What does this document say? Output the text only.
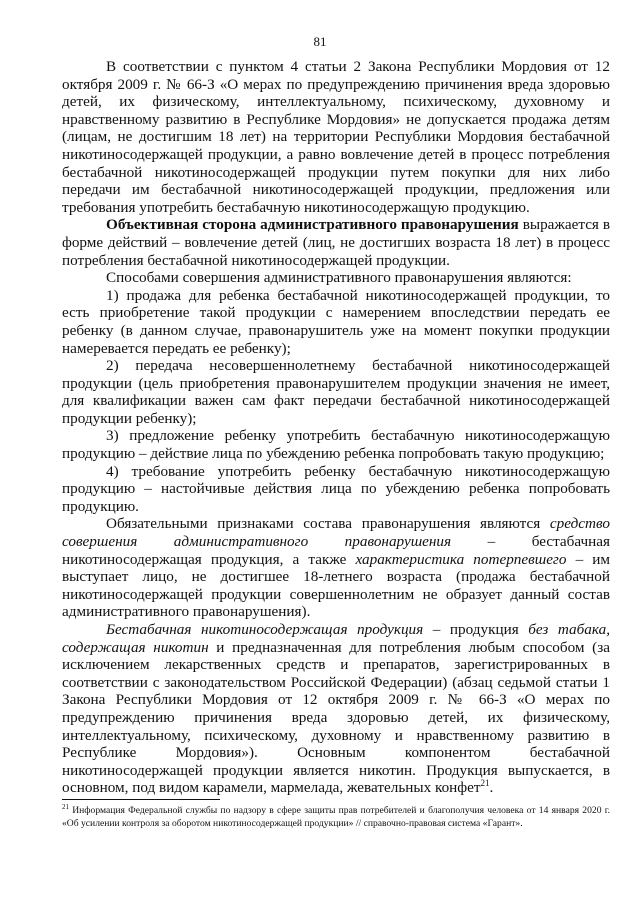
81

В соответствии с пунктом 4 статьи 2 Закона Республики Мордовия от 12 октября 2009 г. № 66-З «О мерах по предупреждению причинения вреда здоровью детей, их физическому, интеллектуальному, психическому, духовному и нравственному развитию в Республике Мордовия» не допускается продажа детям (лицам, не достигшим 18 лет) на территории Республики Мордовия бестабачной никотиносодержащей продукции, а равно вовлечение детей в процесс потребления бестабачной никотиносодержащей продукции путем покупки для них либо передачи им бестабачной никотиносодержащей продукции, предложения или требования употребить бестабачную никотиносодержащую продукцию.

Объективная сторона административного правонарушения выражается в форме действий – вовлечение детей (лиц, не достигших возраста 18 лет) в процесс потребления бестабачной никотиносодержащей продукции.

Способами совершения административного правонарушения являются:

1) продажа для ребенка бестабачной никотиносодержащей продукции, то есть приобретение такой продукции с намерением впоследствии передать ее ребенку (в данном случае, правонарушитель уже на момент покупки продукции намеревается передать ее ребенку);

2) передача несовершеннолетнему бестабачной никотиносодержащей продукции (цель приобретения правонарушителем продукции значения не имеет, для квалификации важен сам факт передачи бестабачной никотиносодержащей продукции ребенку);

3) предложение ребенку употребить бестабачную никотиносодержащую продукцию – действие лица по убеждению ребенка попробовать такую продукцию;

4) требование употребить ребенку бестабачную никотиносодержащую продукцию – настойчивые действия лица по убеждению ребенка попробовать продукцию.

Обязательными признаками состава правонарушения являются средство совершения административного правонарушения – бестабачная никотиносодержащая продукция, а также характеристика потерпевшего – им выступает лицо, не достигшее 18-летнего возраста (продажа бестабачной никотиносодержащей продукции совершеннолетним не образует данный состав административного правонарушения).

Бестабачная никотиносодержащая продукция – продукция без табака, содержащая никотин и предназначенная для потребления любым способом (за исключением лекарственных средств и препаратов, зарегистрированных в соответствии с законодательством Российской Федерации) (абзац седьмой статьи 1 Закона Республики Мордовия от 12 октября 2009 г. № 66-З «О мерах по предупреждению причинения вреда здоровью детей, их физическому, интеллектуальному, психическому, духовному и нравственному развитию в Республике Мордовия»). Основным компонентом бестабачной никотиносодержащей продукции является никотин. Продукция выпускается, в основном, под видом карамели, мармелада, жевательных конфет$^{21}$.

$^{21}$ Информация Федеральной службы по надзору в сфере защиты прав потребителей и благополучия человека от 14 января 2020 г. «Об усилении контроля за оборотом никотиносодержащей продукции» // справочно-правовая система «Гарант».
